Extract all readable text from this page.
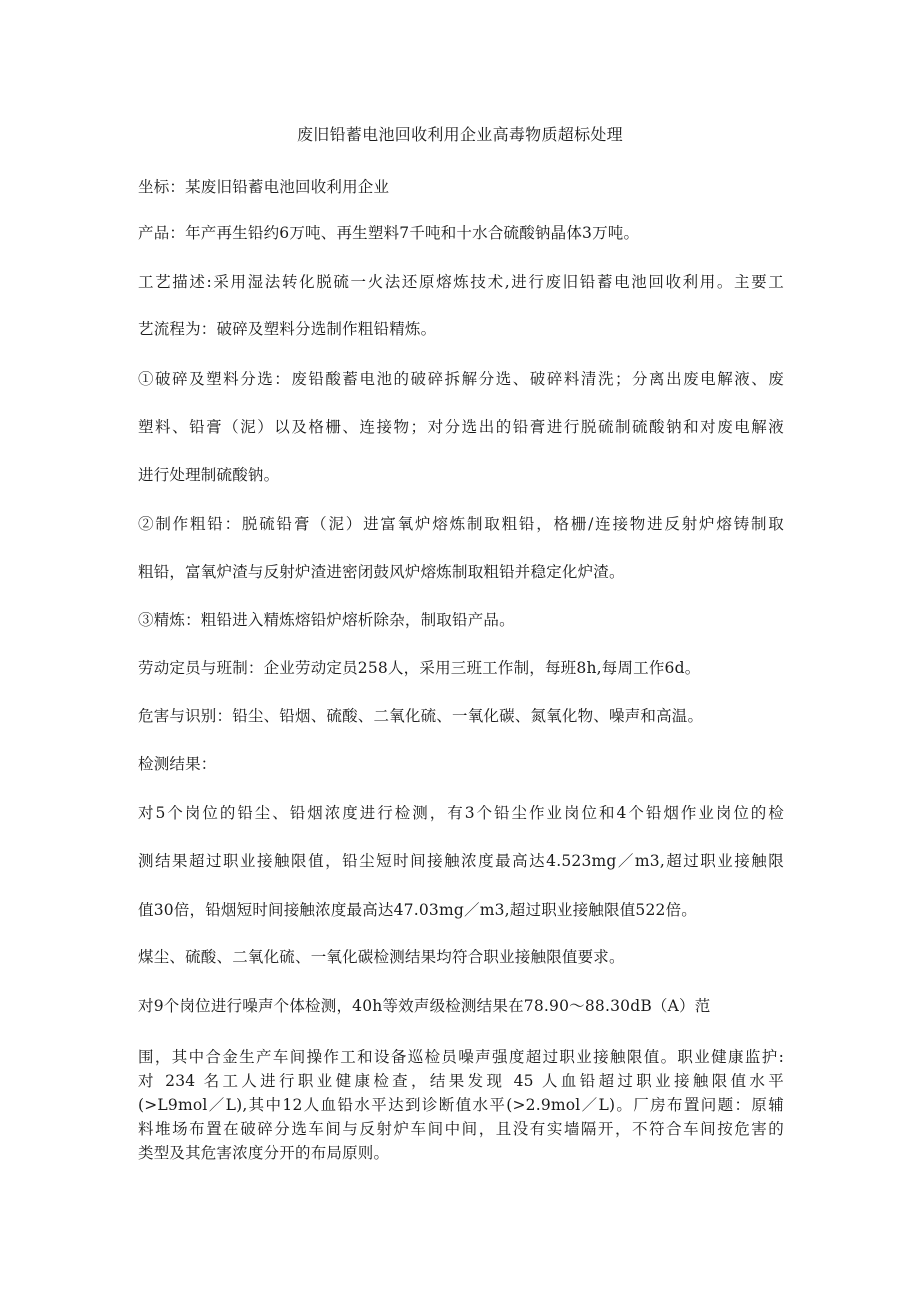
废旧铅蓄电池回收利用企业高毒物质超标处理
坐标：某废旧铅蓄电池回收利用企业
产品：年产再生铅约6万吨、再生塑料7千吨和十水合硫酸钠晶体3万吨。
工艺描述:采用湿法转化脱硫一火法还原熔炼技术,进行废旧铅蓄电池回收利用。主要工
艺流程为：破碎及塑料分选制作粗铅精炼。
①破碎及塑料分选：废铅酸蓄电池的破碎拆解分选、破碎料清洗；分离出废电解液、废
塑料、铅膏（泥）以及格栅、连接物；对分选出的铅膏进行脱硫制硫酸钠和对废电解液
进行处理制硫酸钠。
②制作粗铅：脱硫铅膏（泥）进富氧炉熔炼制取粗铅，格栅/连接物进反射炉熔铸制取
粗铅，富氧炉渣与反射炉渣进密闭鼓风炉熔炼制取粗铅并稳定化炉渣。
③精炼：粗铅进入精炼熔铅炉熔析除杂，制取铅产品。
劳动定员与班制：企业劳动定员258人，采用三班工作制，每班8h,每周工作6d。
危害与识别：铅尘、铅烟、硫酸、二氧化硫、一氧化碳、氮氧化物、噪声和高温。
检测结果：
对5个岗位的铅尘、铅烟浓度进行检测，有3个铅尘作业岗位和4个铅烟作业岗位的检
测结果超过职业接触限值，铅尘短时间接触浓度最高达4.523mg／m3,超过职业接触限
值30倍，铅烟短时间接触浓度最高达47.03mg／m3,超过职业接触限值522倍。
煤尘、硫酸、二氧化硫、一氧化碳检测结果均符合职业接触限值要求。
对9个岗位进行噪声个体检测，40h等效声级检测结果在78.90～88.30dB（A）范
围，其中合金生产车间操作工和设备巡检员噪声强度超过职业接触限值。职业健康监护:
对 234 名工人进行职业健康检查，结果发现 45 人血铅超过职业接触限值水平
(>L9mol／L),其中12人血铅水平达到诊断值水平(>2.9mol／L)。厂房布置问题：原辅
料堆场布置在破碎分选车间与反射炉车间中间，且没有实墙隔开，不符合车间按危害的
类型及其危害浓度分开的布局原则。
